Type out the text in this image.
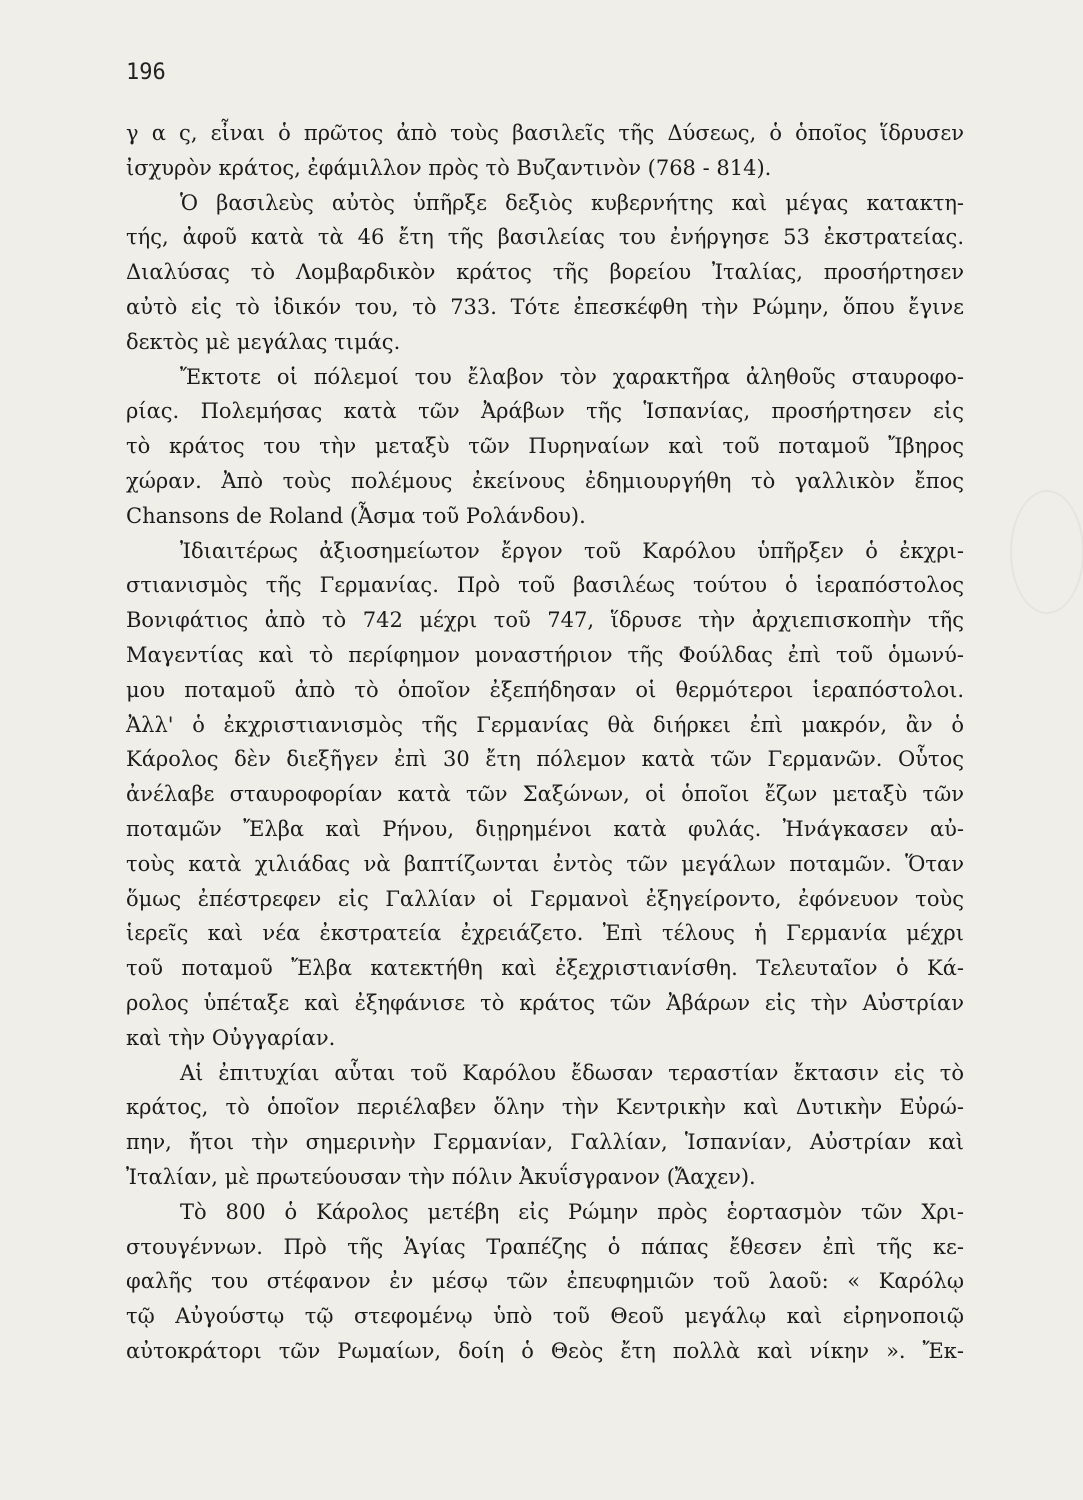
196
γ α ς, εἶναι ὁ πρῶτος ἀπὸ τοὺς βασιλεῖς τῆς Δύσεως, ὁ ὁποῖος ἵδρυσεν
ἰσχυρὸν κράτος, ἐφάμιλλον πρὸς τὸ Βυζαντινὸν (768 - 814).
Ὁ βασιλεὺς αὐτὸς ὑπῆρξε δεξιὸς κυβερνήτης καὶ μέγας κατακτη-
τής, ἀφοῦ κατὰ τὰ 46 ἔτη τῆς βασιλείας του ἐνήργησε 53 ἐκστρατείας.
Διαλύσας τὸ Λομβαρδικὸν κράτος τῆς βορείου Ἰταλίας, προσήρτησεν
αὐτὸ εἰς τὸ ἰδικόν του, τὸ 733. Τότε ἐπεσκέφθη τὴν Ρώμην, ὅπου ἔγινε
δεκτὸς μὲ μεγάλας τιμάς.
Ἔκτοτε οἱ πόλεμοί του ἔλαβον τὸν χαρακτῆρα ἀληθοῦς σταυροφο-
ρίας. Πολεμήσας κατὰ τῶν Ἀράβων τῆς Ἱσπανίας, προσήρτησεν εἰς
τὸ κράτος του τὴν μεταξὺ τῶν Πυρηναίων καὶ τοῦ ποταμοῦ Ἴβηρος
χώραν. Ἀπὸ τοὺς πολέμους ἐκείνους ἐδημιουργήθη τὸ γαλλικὸν ἔπος
Chansons de Roland (Ἆσμα τοῦ Ρολάνδου).
Ἰδιαιτέρως ἀξιοσημείωτον ἔργον τοῦ Καρόλου ὑπῆρξεν ὁ ἐκχρι-
στιανισμὸς τῆς Γερμανίας. Πρὸ τοῦ βασιλέως τούτου ὁ ἱεραπόστολος
Βονιφάτιος ἀπὸ τὸ 742 μέχρι τοῦ 747, ἵδρυσε τὴν ἀρχιεπισκοπὴν τῆς
Μαγεντίας καὶ τὸ περίφημον μοναστήριον τῆς Φούλδας ἐπὶ τοῦ ὁμωνύ-
μου ποταμοῦ ἀπὸ τὸ ὁποῖον ἐξεπήδησαν οἱ θερμότεροι ἱεραπόστολοι.
Ἀλλ' ὁ ἐκχριστιανισμὸς τῆς Γερμανίας θὰ διήρκει ἐπὶ μακρόν, ἂν ὁ
Κάρολος δὲν διεξῆγεν ἐπὶ 30 ἔτη πόλεμον κατὰ τῶν Γερμανῶν. Οὗτος
ἀνέλαβε σταυροφορίαν κατὰ τῶν Σαξώνων, οἱ ὁποῖοι ἔζων μεταξὺ τῶν
ποταμῶν Ἔλβα καὶ Ρήνου, διῃρημένοι κατὰ φυλάς. Ἠνάγκασεν αὐ-
τοὺς κατὰ χιλιάδας νὰ βαπτίζωνται ἐντὸς τῶν μεγάλων ποταμῶν. Ὅταν
ὅμως ἐπέστρεφεν εἰς Γαλλίαν οἱ Γερμανοὶ ἐξηγείροντο, ἐφόνευον τοὺς
ἱερεῖς καὶ νέα ἐκστρατεία ἐχρειάζετο. Ἐπὶ τέλους ἡ Γερμανία μέχρι
τοῦ ποταμοῦ Ἔλβα κατεκτήθη καὶ ἐξεχριστιανίσθη. Τελευταῖον ὁ Κά-
ρολος ὑπέταξε καὶ ἐξηφάνισε τὸ κράτος τῶν Ἀβάρων εἰς τὴν Αὐστρίαν
καὶ τὴν Οὐγγαρίαν.
Αἱ ἐπιτυχίαι αὗται τοῦ Καρόλου ἔδωσαν τεραστίαν ἔκτασιν εἰς τὸ
κράτος, τὸ ὁποῖον περιέλαβεν ὅλην τὴν Κεντρικὴν καὶ Δυτικὴν Εὐρώ-
πην, ἤτοι τὴν σημερινὴν Γερμανίαν, Γαλλίαν, Ἱσπανίαν, Αὐστρίαν καὶ
Ἰταλίαν, μὲ πρωτεύουσαν τὴν πόλιν Ἀκυΐσγρανον (Ἄαχεν).
Τὸ 800 ὁ Κάρολος μετέβη εἰς Ρώμην πρὸς ἑορτασμὸν τῶν Χρι-
στουγέννων. Πρὸ τῆς Ἁγίας Τραπέζης ὁ πάπας ἔθεσεν ἐπὶ τῆς κε-
φαλῆς του στέφανον ἐν μέσῳ τῶν ἐπευφημιῶν τοῦ λαοῦ: « Καρόλῳ
τῷ Αὐγούστῳ τῷ στεφομένῳ ὑπὸ τοῦ Θεοῦ μεγάλῳ καὶ εἰρηνοποιῷ
αὐτοκράτορι τῶν Ρωμαίων, δοίη ὁ Θεὸς ἔτη πολλὰ καὶ νίκην ». Ἔκ-
